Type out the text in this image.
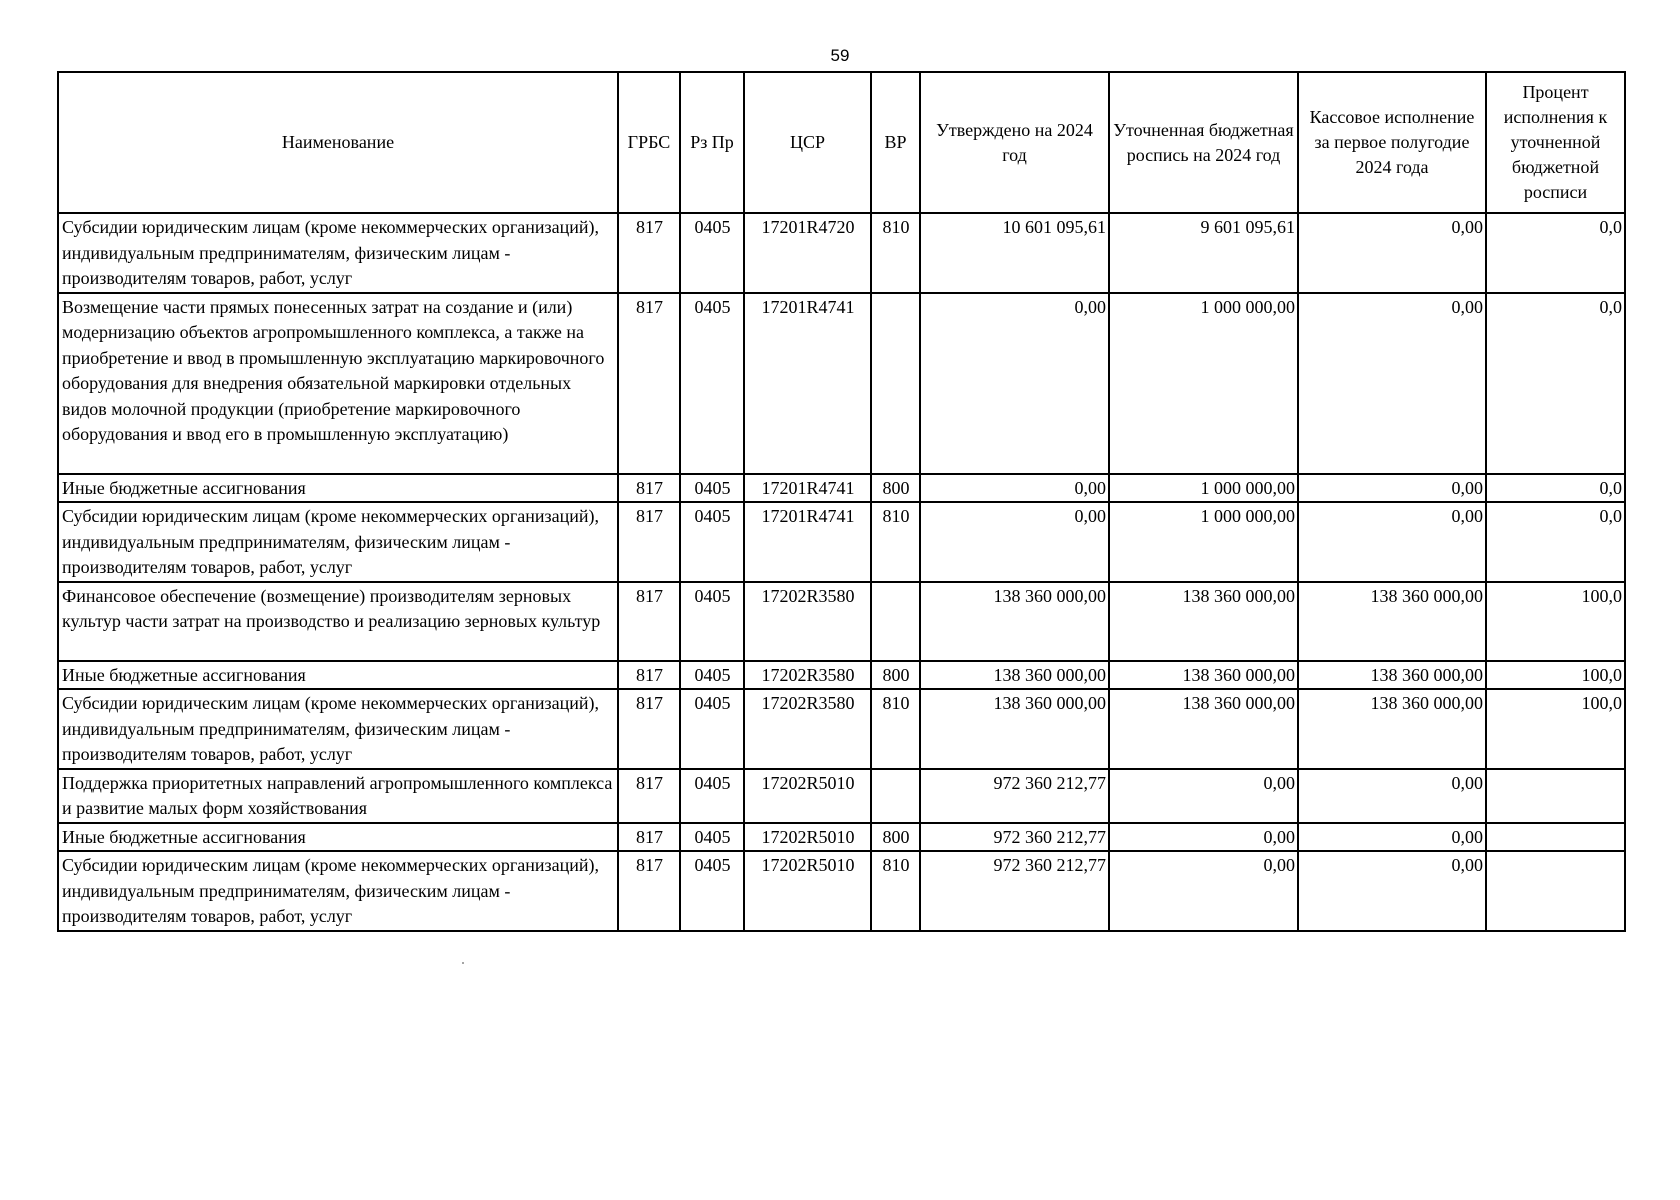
59
Наименование	ГРБС	Рз Пр	ЦСР	ВР	Утверждено на 2024 год	Уточненная бюджетная роспись на 2024 год	Кассовое исполнение за первое полугодие 2024 года	Процент исполнения к уточненной бюджетной росписи
Субсидии юридическим лицам (кроме некоммерческих организаций), индивидуальным предпринимателям, физическим лицам - производителям товаров, работ, услуг	817	0405	17201R4720	810	10 601 095,61	9 601 095,61	0,00	0,0
Возмещение части прямых понесенных затрат на создание и (или) модернизацию объектов агропромышленного комплекса, а также на приобретение и ввод в промышленную эксплуатацию маркировочного оборудования для внедрения обязательной маркировки отдельных видов молочной продукции (приобретение маркировочного оборудования и ввод его в промышленную эксплуатацию)	817	0405	17201R4741		0,00	1 000 000,00	0,00	0,0
Иные бюджетные ассигнования	817	0405	17201R4741	800	0,00	1 000 000,00	0,00	0,0
Субсидии юридическим лицам (кроме некоммерческих организаций), индивидуальным предпринимателям, физическим лицам - производителям товаров, работ, услуг	817	0405	17201R4741	810	0,00	1 000 000,00	0,00	0,0
Финансовое обеспечение (возмещение) производителям зерновых культур части затрат на производство и реализацию зерновых культур	817	0405	17202R3580		138 360 000,00	138 360 000,00	138 360 000,00	100,0
Иные бюджетные ассигнования	817	0405	17202R3580	800	138 360 000,00	138 360 000,00	138 360 000,00	100,0
Субсидии юридическим лицам (кроме некоммерческих организаций), индивидуальным предпринимателям, физическим лицам - производителям товаров, работ, услуг	817	0405	17202R3580	810	138 360 000,00	138 360 000,00	138 360 000,00	100,0
Поддержка приоритетных направлений агропромышленного комплекса и развитие малых форм хозяйствования	817	0405	17202R5010		972 360 212,77	0,00	0,00	
Иные бюджетные ассигнования	817	0405	17202R5010	800	972 360 212,77	0,00	0,00	
Субсидии юридическим лицам (кроме некоммерческих организаций), индивидуальным предпринимателям, физическим лицам - производителям товаров, работ, услуг	817	0405	17202R5010	810	972 360 212,77	0,00	0,00	
